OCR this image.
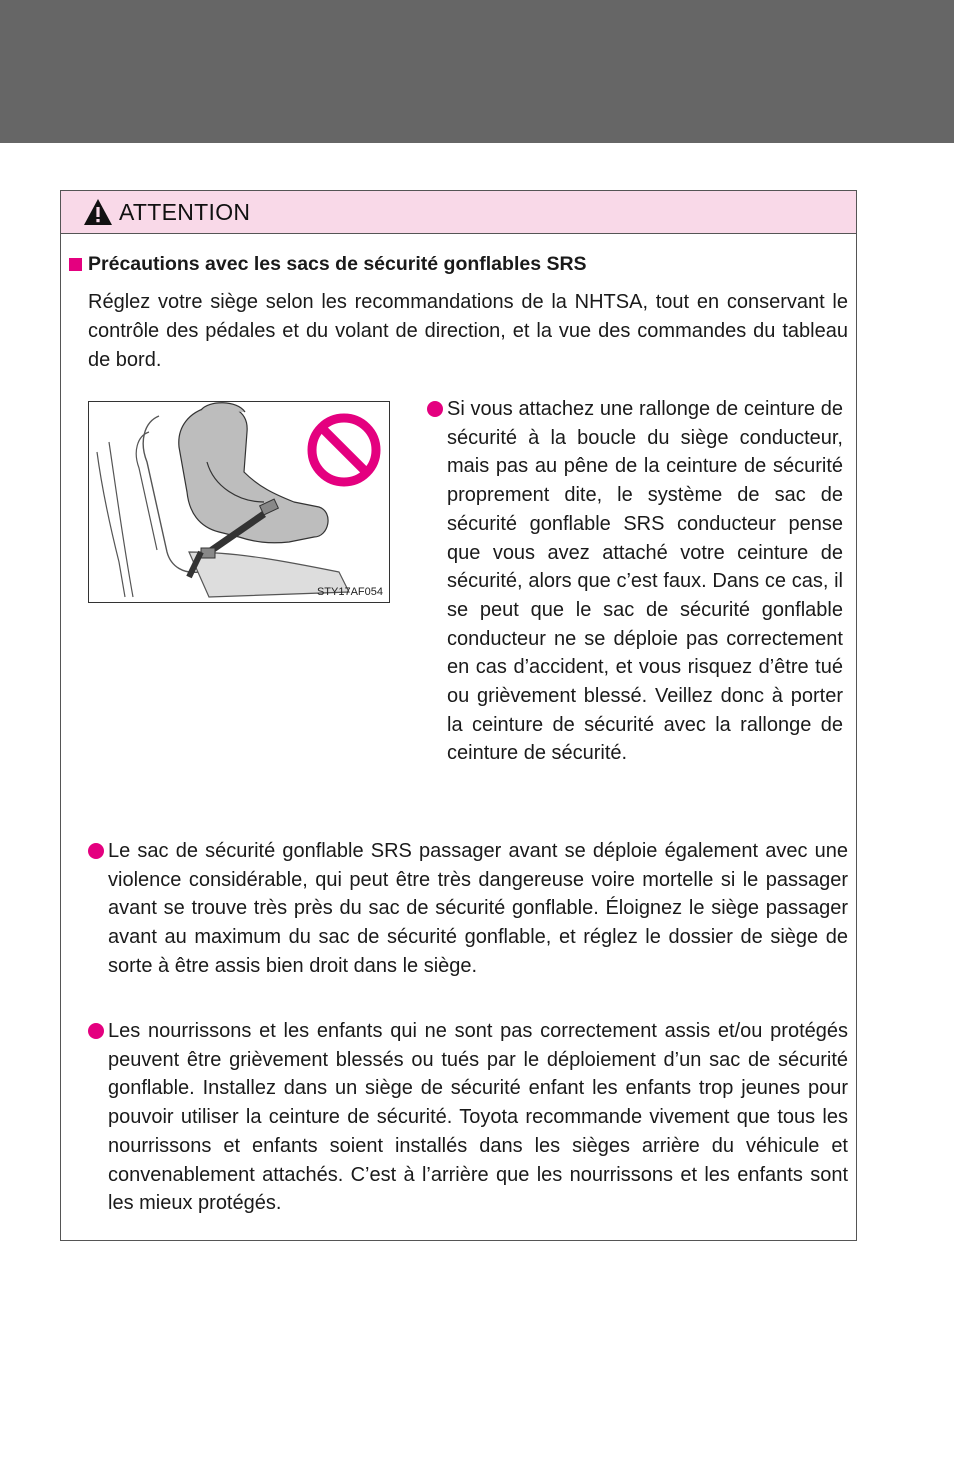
ATTENTION
Précautions avec les sacs de sécurité gonflables SRS

Réglez votre siège selon les recommandations de la NHTSA, tout en conservant le contrôle des pédales et du volant de direction, et la vue des commandes du tableau de bord.

STY17AF054
Si vous attachez une rallonge de ceinture de sécurité à la boucle du siège conducteur, mais pas au pêne de la ceinture de sécurité proprement dite, le système de sac de sécurité gonflable SRS conducteur pense que vous avez attaché votre ceinture de sécurité, alors que c’est faux. Dans ce cas, il se peut que le sac de sécurité gonflable conducteur ne se déploie pas correctement en cas d’accident, et vous risquez d’être tué ou grièvement blessé. Veillez donc à porter la ceinture de sécurité avec la rallonge de ceinture de sécurité.
Le sac de sécurité gonflable SRS passager avant se déploie également avec une violence considérable, qui peut être très dangereuse voire mortelle si le passager avant se trouve très près du sac de sécurité gonflable. Éloignez le siège passager avant au maximum du sac de sécurité gonflable, et réglez le dossier de siège de sorte à être assis bien droit dans le siège.
Les nourrissons et les enfants qui ne sont pas correctement assis et/ou protégés peuvent être grièvement blessés ou tués par le déploiement d’un sac de sécurité gonflable. Installez dans un siège de sécurité enfant les enfants trop jeunes pour pouvoir utiliser la ceinture de sécurité. Toyota recommande vivement que tous les nourrissons et enfants soient installés dans les sièges arrière du véhicule et convenablement attachés. C’est à l’arrière que les nourrissons et les enfants sont les mieux protégés.
